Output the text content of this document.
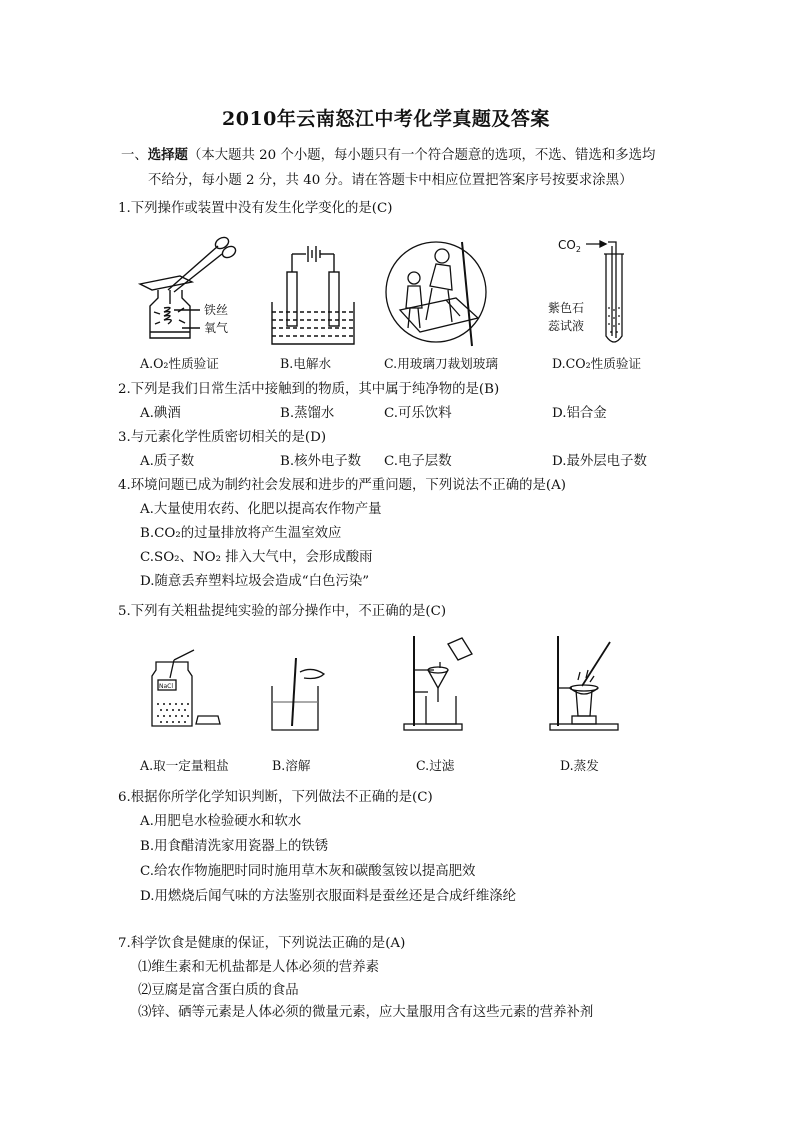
2010年云南怒江中考化学真题及答案
一、选择题（本大题共 20 个小题，每小题只有一个符合题意的选项，不选、错选和多选均
不给分，每小题 2 分，共 40 分。请在答题卡中相应位置把答案序号按要求涂黑）
1.下列操作或装置中没有发生化学变化的是(C)
铁丝
氧气
$CO_2$
紫色石
蕊试液
A.O₂性质验证	B.电解水	C.用玻璃刀裁划玻璃	D.CO₂性质验证
2.下列是我们日常生活中接触到的物质，其中属于纯净物的是(B)
A.碘酒	B.蒸馏水	C.可乐饮料	D.铝合金
3.与元素化学性质密切相关的是(D)
A.质子数	B.核外电子数 C.电子层数	D.最外层电子数
4.环境问题已成为制约社会发展和进步的严重问题，下列说法不正确的是(A)
A.大量使用农药、化肥以提高农作物产量
B.CO₂的过量排放将产生温室效应
C.SO₂、NO₂ 排入大气中，会形成酸雨
D.随意丢弃塑料垃圾会造成“白色污染”
5.下列有关粗盐提纯实验的部分操作中，不正确的是(C)
NaCl
A.取一定量粗盐	B.溶解	C.过滤	D.蒸发
6.根据你所学化学知识判断，下列做法不正确的是(C)
A.用肥皂水检验硬水和软水
B.用食醋清洗家用瓷器上的铁锈
C.给农作物施肥时同时施用草木灰和碳酸氢铵以提高肥效
D.用燃烧后闻气味的方法鉴别衣服面料是蚕丝还是合成纤维涤纶
7.科学饮食是健康的保证，下列说法正确的是(A)
⑴维生素和无机盐都是人体必须的营养素
⑵豆腐是富含蛋白质的食品
⑶锌、硒等元素是人体必须的微量元素，应大量服用含有这些元素的营养补剂
